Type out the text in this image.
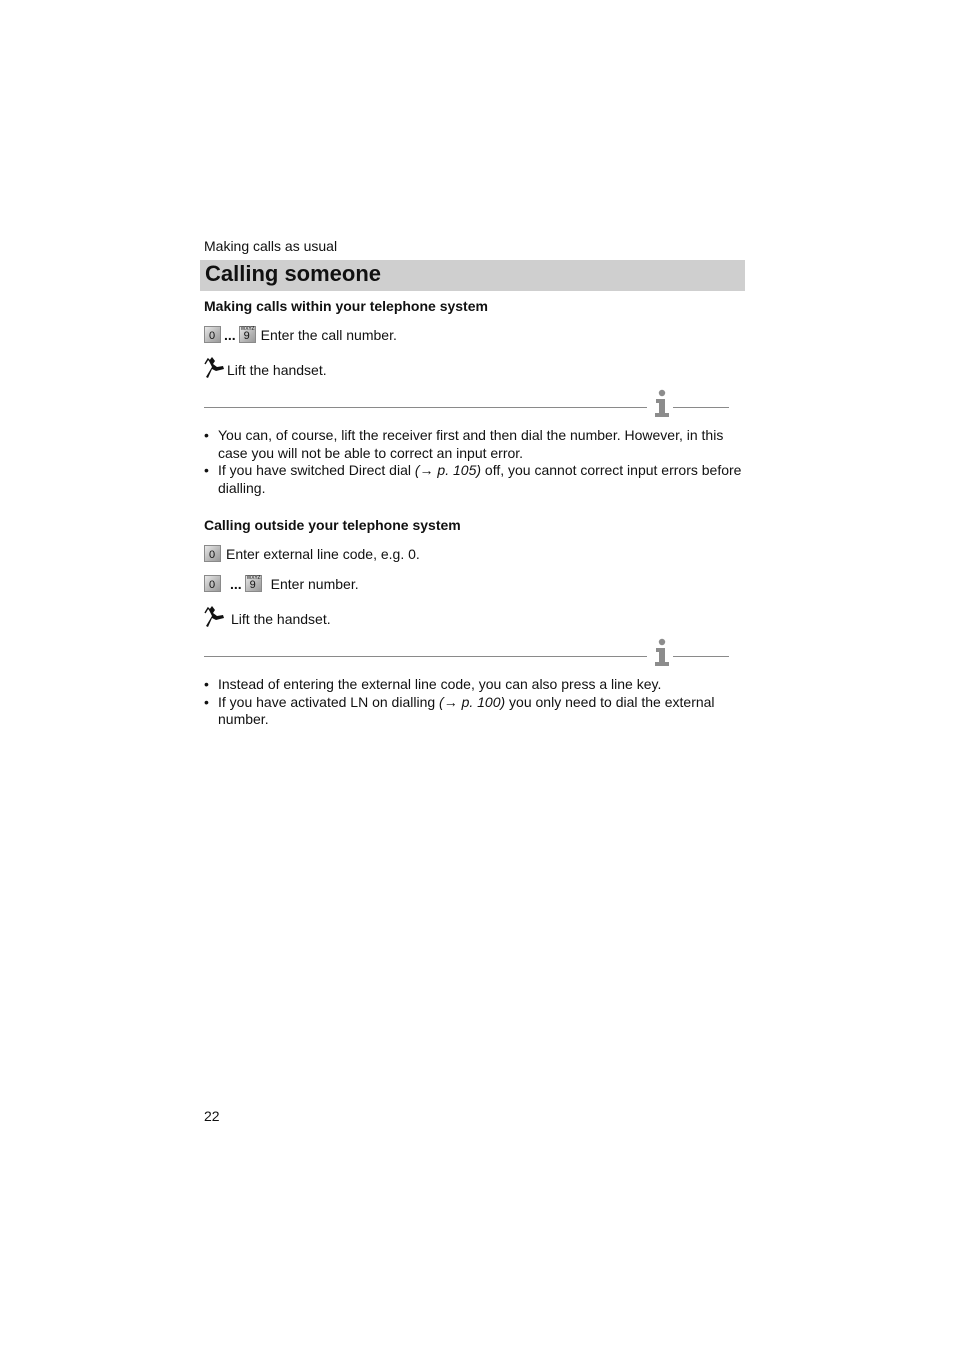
Making calls as usual
Calling someone
Making calls within your telephone system
0 ... WXYZ
9 Enter the call number.
Lift the handset.
• You can, of course, lift the receiver first and then dial the number. However, in this case you will not be able to correct an input error.
• If you have switched Direct dial (→ p. 105) off, you cannot correct input errors before dialling.
Calling outside your telephone system
0 Enter external line code, e.g. 0.
0 ... WXYZ
9 Enter number.
Lift the handset.
• Instead of entering the external line code, you can also press a line key.
• If you have activated LN on dialling (→ p. 100) you only need to dial the external number.
22
